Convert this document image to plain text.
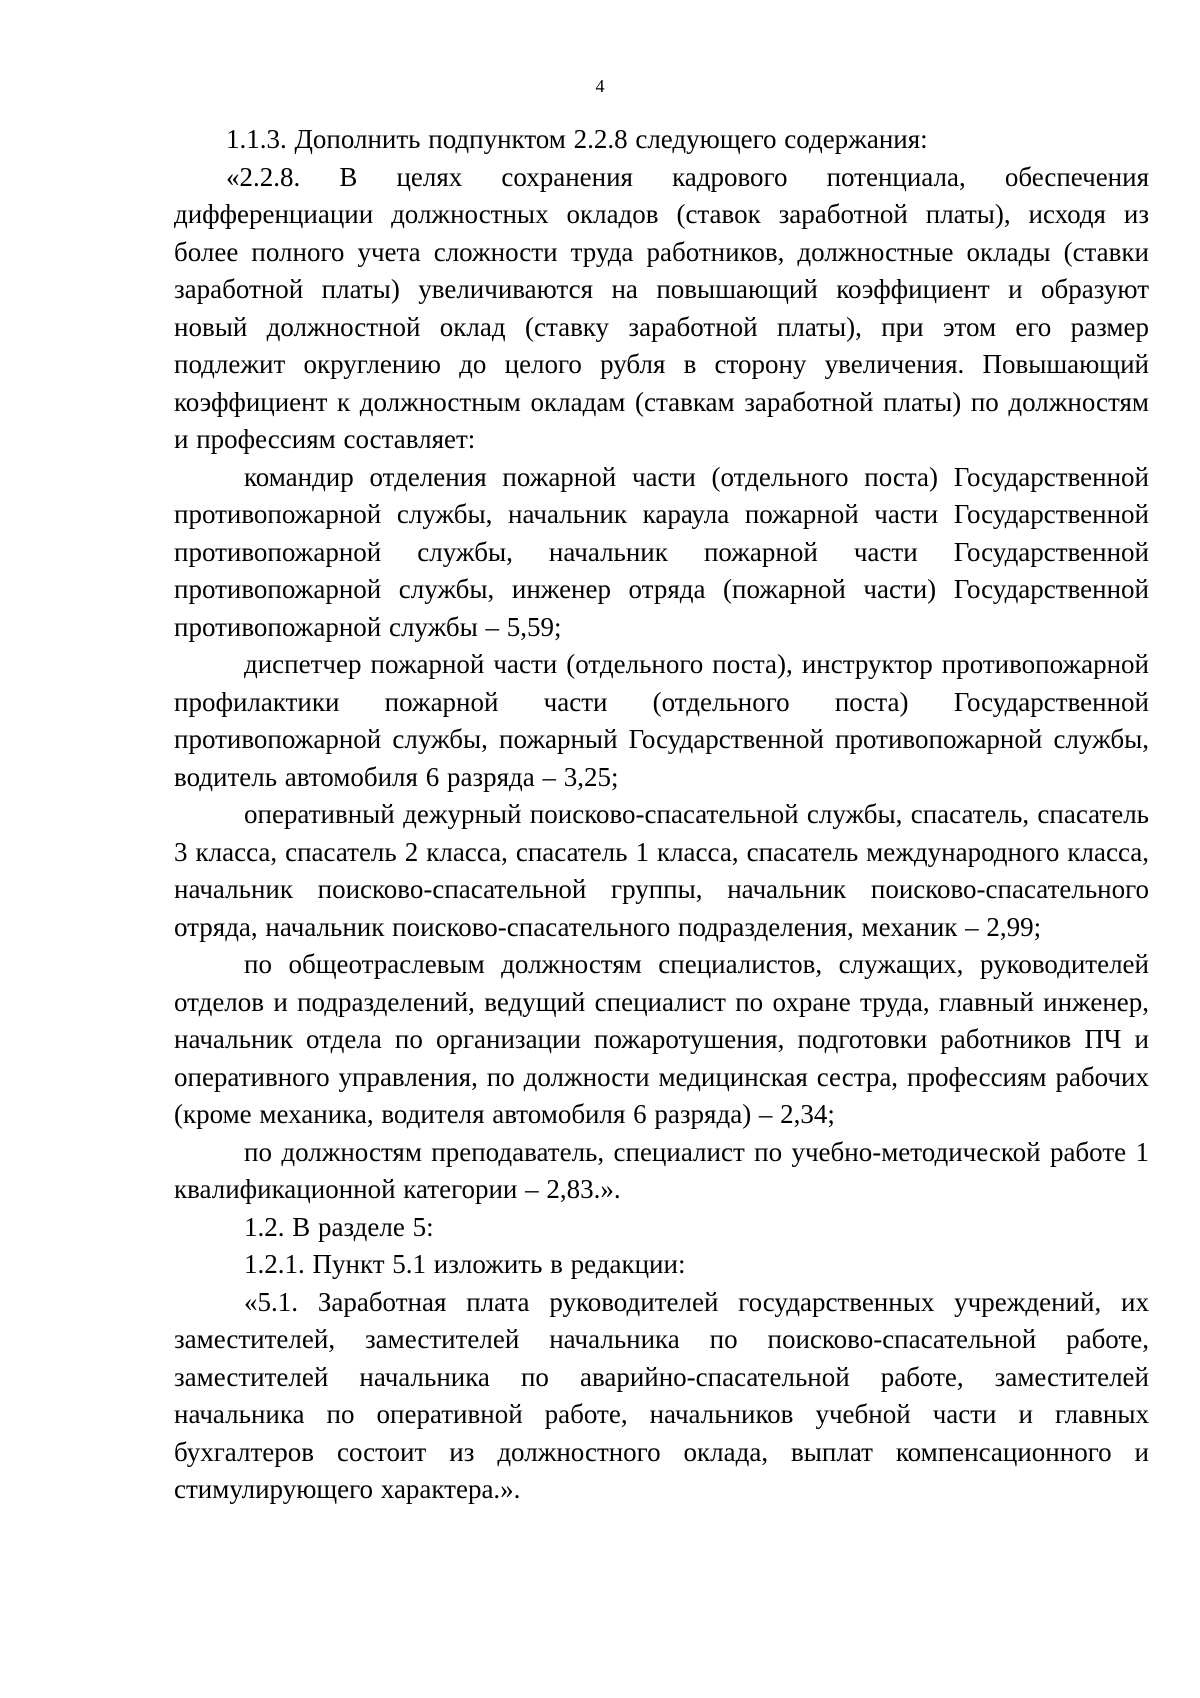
4

1.1.3. Дополнить подпунктом 2.2.8 следующего содержания:

«2.2.8. В целях сохранения кадрового потенциала, обеспечения дифференциации должностных окладов (ставок заработной платы), исходя из более полного учета сложности труда работников, должностные оклады (ставки заработной платы) увеличиваются на повышающий коэффициент и образуют новый должностной оклад (ставку заработной платы), при этом его размер подлежит округлению до целого рубля в сторону увеличения. Повышающий коэффициент к должностным окладам (ставкам заработной платы) по должностям и профессиям составляет:

командир отделения пожарной части (отдельного поста) Государственной противопожарной службы, начальник караула пожарной части Государственной противопожарной службы, начальник пожарной части Государственной противопожарной службы, инженер отряда (пожарной части) Государственной противопожарной службы – 5,59;

диспетчер пожарной части (отдельного поста), инструктор противопожарной профилактики пожарной части (отдельного поста) Государственной противопожарной службы, пожарный Государственной противопожарной службы, водитель автомобиля 6 разряда – 3,25;

оперативный дежурный поисково-спасательной службы, спасатель, спасатель 3 класса, спасатель 2 класса, спасатель 1 класса, спасатель международного класса, начальник поисково-спасательной группы, начальник поисково-спасательного отряда, начальник поисково-спасательного подразделения, механик – 2,99;

по общеотраслевым должностям специалистов, служащих, руководителей отделов и подразделений, ведущий специалист по охране труда, главный инженер, начальник отдела по организации пожаротушения, подготовки работников ПЧ и оперативного управления, по должности медицинская сестра, профессиям рабочих (кроме механика, водителя автомобиля 6 разряда) – 2,34;

по должностям преподаватель, специалист по учебно-методической работе 1 квалификационной категории – 2,83.».

1.2. В разделе 5:

1.2.1. Пункт 5.1 изложить в редакции:

«5.1. Заработная плата руководителей государственных учреждений, их заместителей, заместителей начальника по поисково-спасательной работе, заместителей начальника по аварийно-спасательной работе, заместителей начальника по оперативной работе, начальников учебной части и главных бухгалтеров состоит из должностного оклада, выплат компенсационного и стимулирующего характера.».
